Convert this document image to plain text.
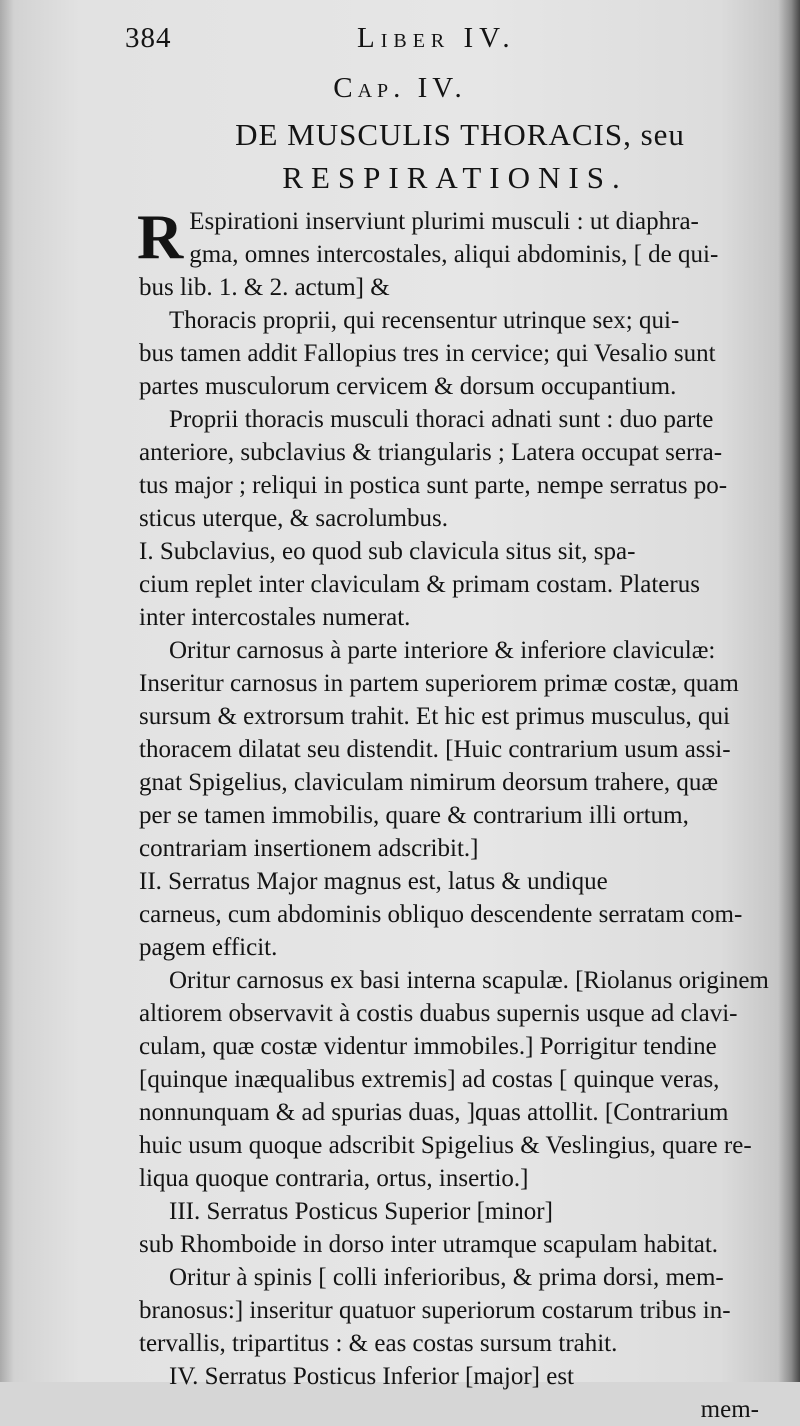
384	Liber IV.
Cap. IV.
DE MUSCULIS THORACIS, seu
RESPIRATIONIS.
R Espirationi inserviunt plurimi musculi : ut diaphra-
gma, omnes intercostales, aliqui abdominis, [ de qui-
bus lib. 1. & 2. actum] &
Thoracis proprii, qui recensentur utrinque sex; qui-
bus tamen addit Fallopius tres in cervice; qui Vesalio sunt
partes musculorum cervicem & dorsum occupantium.
Proprii thoracis musculi thoraci adnati sunt : duo parte
anteriore, subclavius & triangularis ; Latera occupat serra-
tus major ; reliqui in postica sunt parte, nempe serratus po-
sticus uterque, & sacrolumbus.
I. Subclavius, eo quod sub clavicula situs sit, spa-
cium replet inter claviculam & primam costam. Platerus
inter intercostales numerat.
Oritur carnosus à parte interiore & inferiore claviculæ:
Inseritur carnosus in partem superiorem primæ costæ, quam
sursum & extrorsum trahit. Et hic est primus musculus, qui
thoracem dilatat seu distendit. [Huic contrarium usum assi-
gnat Spigelius, claviculam nimirum deorsum trahere, quæ
per se tamen immobilis, quare & contrarium illi ortum,
contrariam insertionem adscribit.]
II. Serratus Major magnus est, latus & undique
carneus, cum abdominis obliquo descendente serratam com-
pagem efficit.
Oritur carnosus ex basi interna scapulæ. [Riolanus originem
altiorem observavit à costis duabus supernis usque ad clavi-
culam, quæ costæ videntur immobiles.] Porrigitur tendine
[quinque inæqualibus extremis] ad costas [ quinque veras,
nonnunquam & ad spurias duas, ]quas attollit. [Contrarium
huic usum quoque adscribit Spigelius & Veslingius, quare re-
liqua quoque contraria, ortus, insertio.]
III. Serratus Posticus Superior [minor]
sub Rhomboide in dorso inter utramque scapulam habitat.
Oritur à spinis [ colli inferioribus, & prima dorsi, mem-
branosus:] inseritur quatuor superiorum costarum tribus in-
tervallis, tripartitus : & eas costas sursum trahit.
IV. Serratus Posticus Inferior [major] est
mem-
